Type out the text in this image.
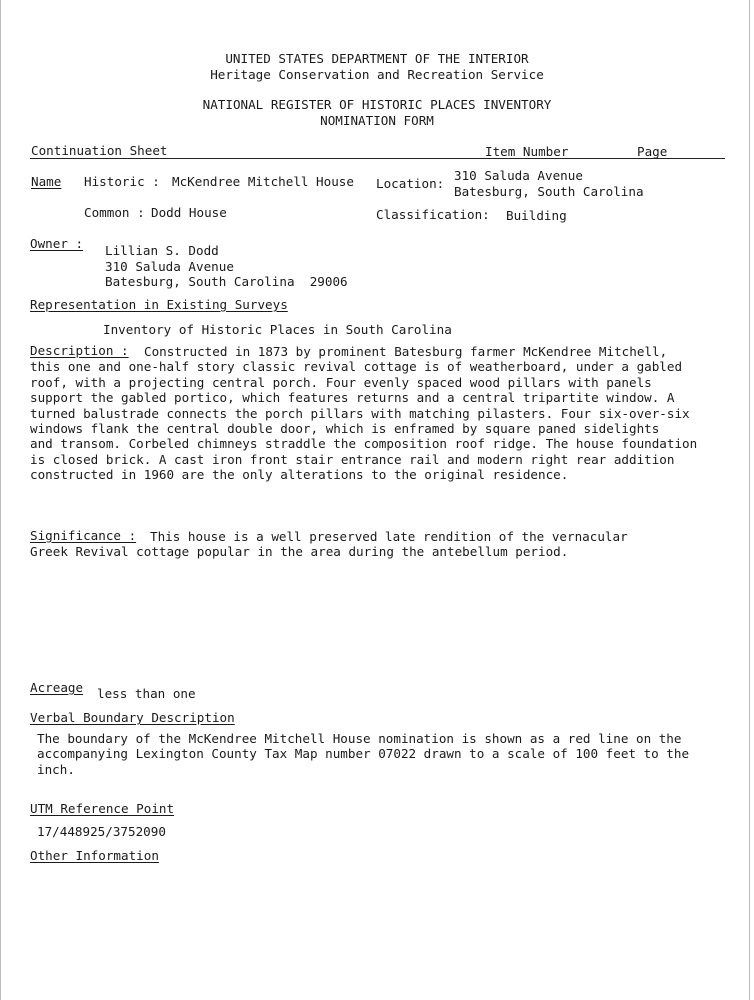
UNITED STATES DEPARTMENT OF THE INTERIOR
Heritage Conservation and Recreation Service
NATIONAL REGISTER OF HISTORIC PLACES INVENTORY
NOMINATION FORM
Continuation Sheet	Item Number	Page
Name Historic : McKendree Mitchell House Location:
310 Saluda Avenue
Batesburg, South Carolina
Common : Dodd House	Classification: Building
Owner : Lillian S. Dodd
310 Saluda Avenue
Batesburg, South Carolina  29006
Representation in Existing Surveys
Inventory of Historic Places in South Carolina
Description :	Constructed in 1873 by prominent Batesburg farmer McKendree Mitchell,
this one and one-half story classic revival cottage is of weatherboard, under a gabled
roof, with a projecting central porch. Four evenly spaced wood pillars with panels
support the gabled portico, which features returns and a central tripartite window. A
turned balustrade connects the porch pillars with matching pilasters. Four six-over-six
windows flank the central double door, which is enframed by square paned sidelights
and transom. Corbeled chimneys straddle the composition roof ridge. The house foundation
is closed brick. A cast iron front stair entrance rail and modern right rear addition
constructed in 1960 are the only alterations to the original residence.
Significance :	This house is a well preserved late rendition of the vernacular
Greek Revival cottage popular in the area during the antebellum period.
Acreage less than one
Verbal Boundary Description
The boundary of the McKendree Mitchell House nomination is shown as a red line on the
accompanying Lexington County Tax Map number 07022 drawn to a scale of 100 feet to the
inch.
UTM Reference Point
17/448925/3752090
Other Information
